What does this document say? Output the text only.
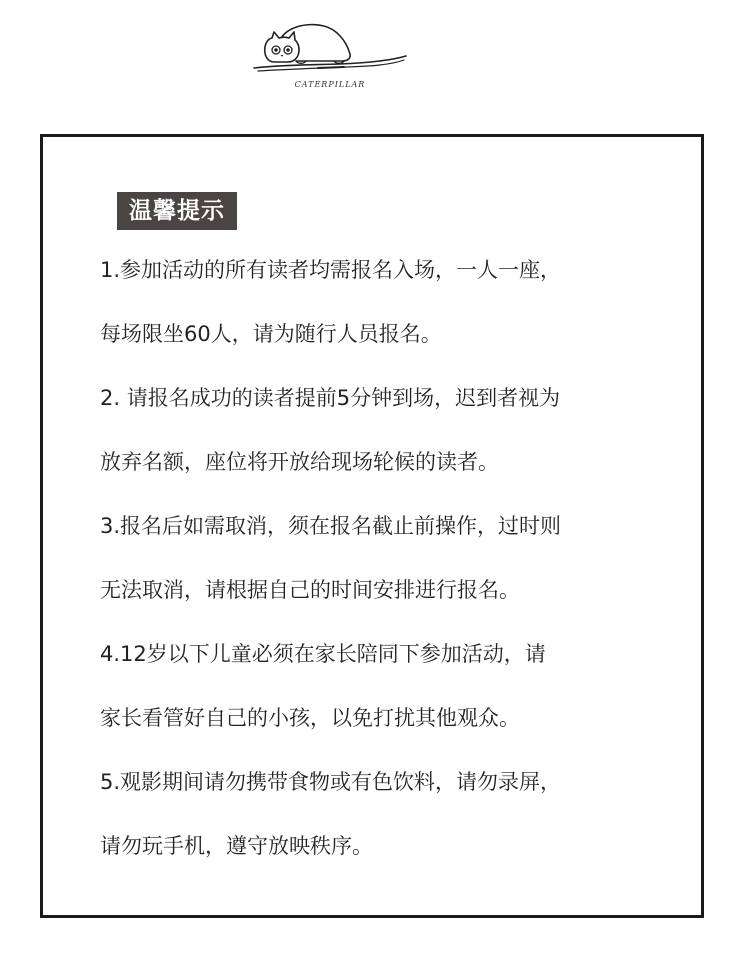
CATERPILLAR
温馨提示
1.参加活动的所有读者均需报名入场，一人一座，
每场限坐60人，请为随行人员报名。
2. 请报名成功的读者提前5分钟到场，迟到者视为
放弃名额，座位将开放给现场轮候的读者。
3.报名后如需取消，须在报名截止前操作，过时则
无法取消，请根据自己的时间安排进行报名。
4.12岁以下儿童必须在家长陪同下参加活动，请
家长看管好自己的小孩，以免打扰其他观众。
5.观影期间请勿携带食物或有色饮料，请勿录屏，
请勿玩手机，遵守放映秩序。
